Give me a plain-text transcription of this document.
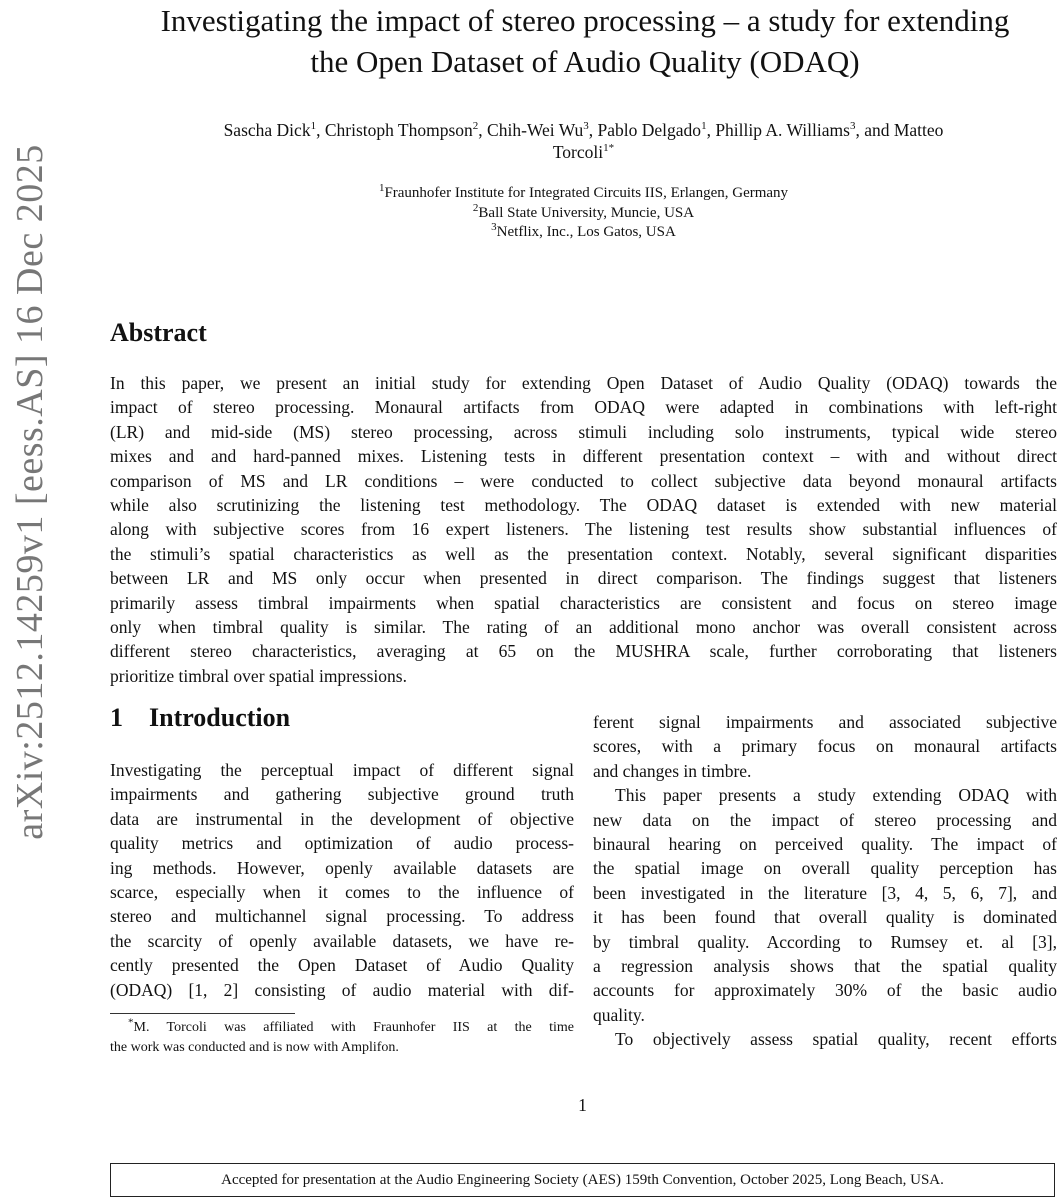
arXiv:2512.14259v1 [eess.AS] 16 Dec 2025
Investigating the impact of stereo processing – a study for extending
the Open Dataset of Audio Quality (ODAQ)
Sascha Dick$^1$, Christoph Thompson$^2$, Chih-Wei Wu$^3$, Pablo Delgado$^1$, Phillip A. Williams$^3$, and Matteo
Torcoli$^{1*}$
$^1$Fraunhofer Institute for Integrated Circuits IIS, Erlangen, Germany
$^2$Ball State University, Muncie, USA
$^3$Netflix, Inc., Los Gatos, USA
Abstract
In this paper, we present an initial study for extending Open Dataset of Audio Quality (ODAQ) towards the
impact of stereo processing. Monaural artifacts from ODAQ were adapted in combinations with left-right
(LR) and mid-side (MS) stereo processing, across stimuli including solo instruments, typical wide stereo
mixes and and hard-panned mixes. Listening tests in different presentation context – with and without direct
comparison of MS and LR conditions – were conducted to collect subjective data beyond monaural artifacts
while also scrutinizing the listening test methodology. The ODAQ dataset is extended with new material
along with subjective scores from 16 expert listeners. The listening test results show substantial influences of
the stimuli’s spatial characteristics as well as the presentation context. Notably, several significant disparities
between LR and MS only occur when presented in direct comparison. The findings suggest that listeners
primarily assess timbral impairments when spatial characteristics are consistent and focus on stereo image
only when timbral quality is similar. The rating of an additional mono anchor was overall consistent across
different stereo characteristics, averaging at 65 on the MUSHRA scale, further corroborating that listeners
prioritize timbral over spatial impressions.
1 Introduction
Investigating the perceptual impact of different signal
impairments and gathering subjective ground truth
data are instrumental in the development of objective
quality metrics and optimization of audio process-
ing methods. However, openly available datasets are
scarce, especially when it comes to the influence of
stereo and multichannel signal processing. To address
the scarcity of openly available datasets, we have re-
cently presented the Open Dataset of Audio Quality
(ODAQ) [1, 2] consisting of audio material with dif-
ferent signal impairments and associated subjective
scores, with a primary focus on monaural artifacts
and changes in timbre.
This paper presents a study extending ODAQ with
new data on the impact of stereo processing and
binaural hearing on perceived quality. The impact of
the spatial image on overall quality perception has
been investigated in the literature [3, 4, 5, 6, 7], and
it has been found that overall quality is dominated
by timbral quality. According to Rumsey et. al [3],
a regression analysis shows that the spatial quality
accounts for approximately 30% of the basic audio
quality.
To objectively assess spatial quality, recent efforts
*M. Torcoli was affiliated with Fraunhofer IIS at the time
the work was conducted and is now with Amplifon.
1
Accepted for presentation at the Audio Engineering Society (AES) 159th Convention, October 2025, Long Beach, USA.
